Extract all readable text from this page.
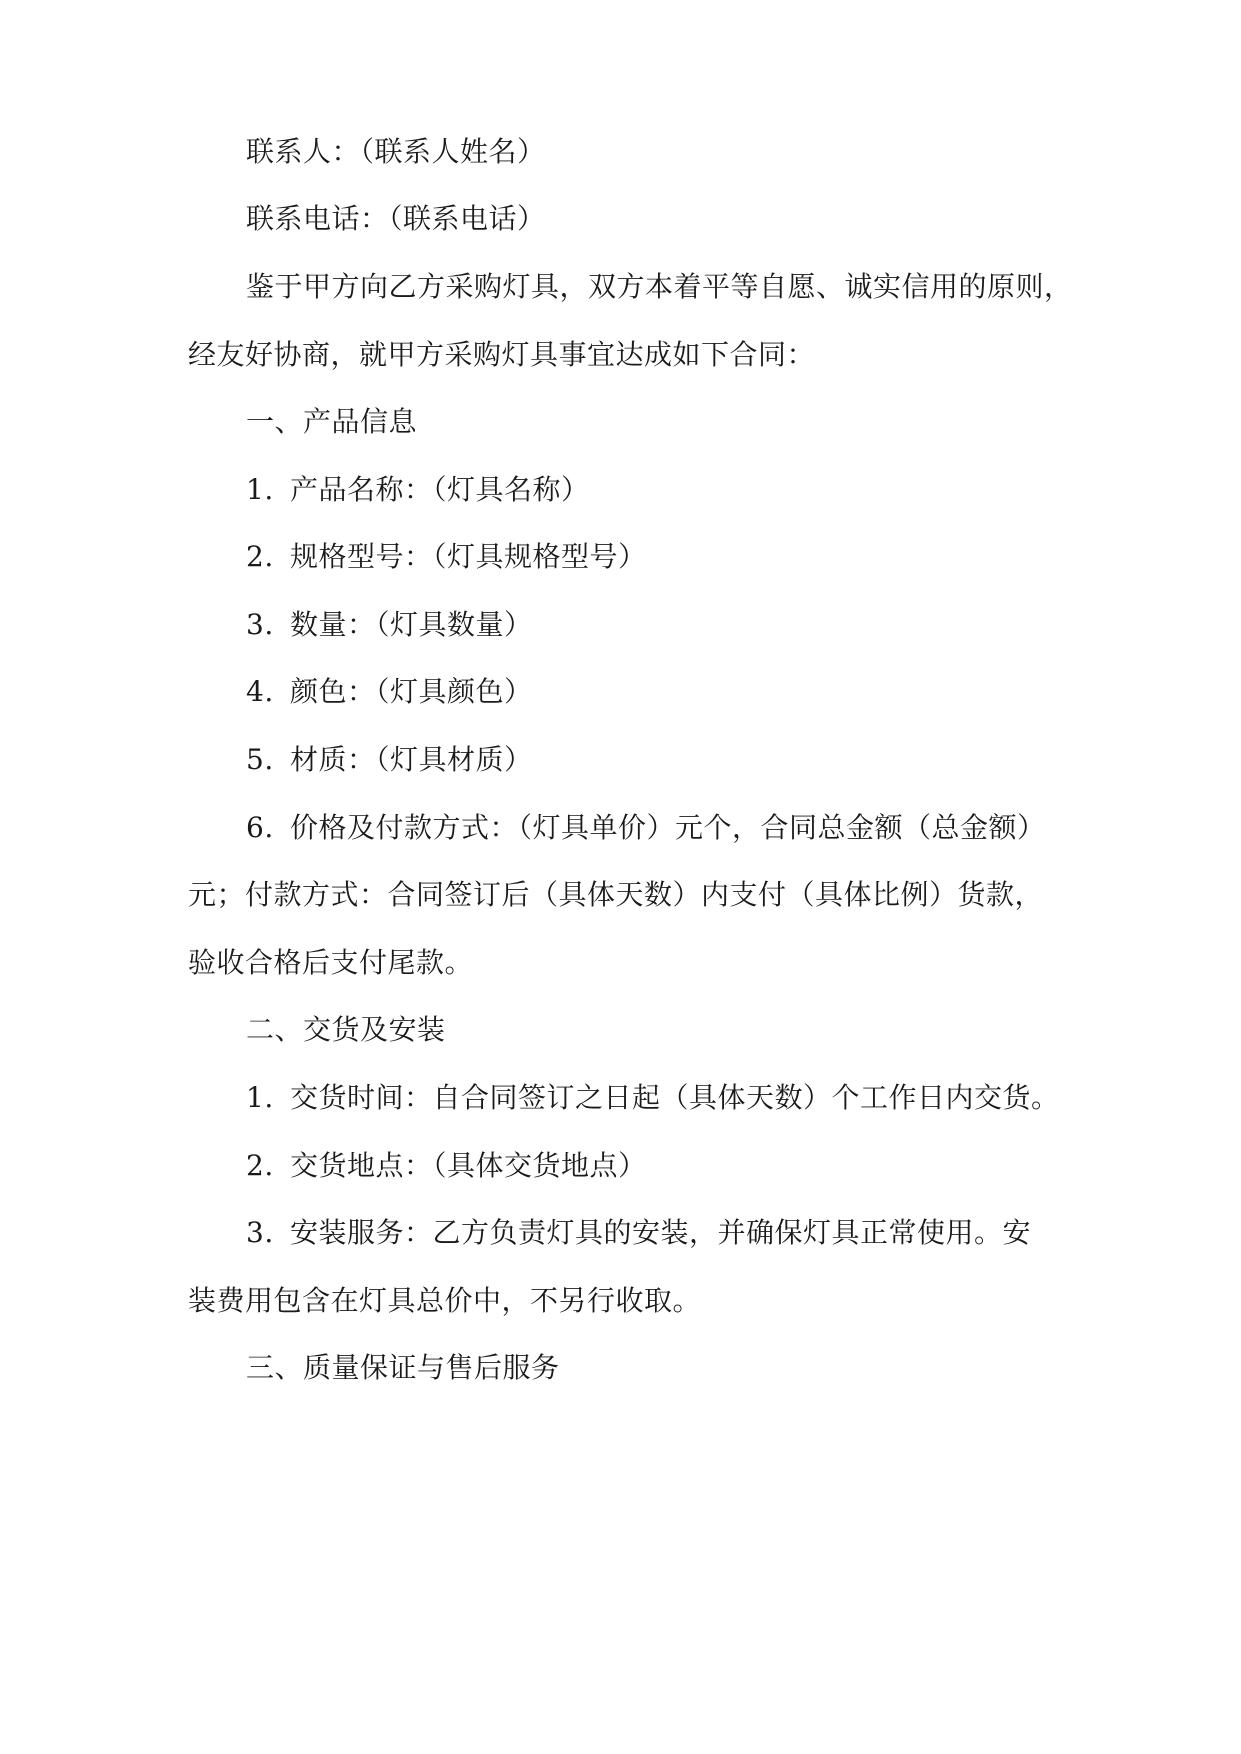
联系人：（联系人姓名）
联系电话：（联系电话）
鉴于甲方向乙方采购灯具，双方本着平等自愿、诚实信用的原则，
经友好协商，就甲方采购灯具事宜达成如下合同：
一、产品信息
1. 产品名称：（灯具名称）
2. 规格型号：（灯具规格型号）
3. 数量：（灯具数量）
4. 颜色：（灯具颜色）
5. 材质：（灯具材质）
6. 价格及付款方式：（灯具单价）元个，合同总金额（总金额）
元；付款方式：合同签订后（具体天数）内支付（具体比例）货款，
验收合格后支付尾款。
二、交货及安装
1. 交货时间：自合同签订之日起（具体天数）个工作日内交货。
2. 交货地点：（具体交货地点）
3. 安装服务：乙方负责灯具的安装，并确保灯具正常使用。安
装费用包含在灯具总价中，不另行收取。
三、质量保证与售后服务
